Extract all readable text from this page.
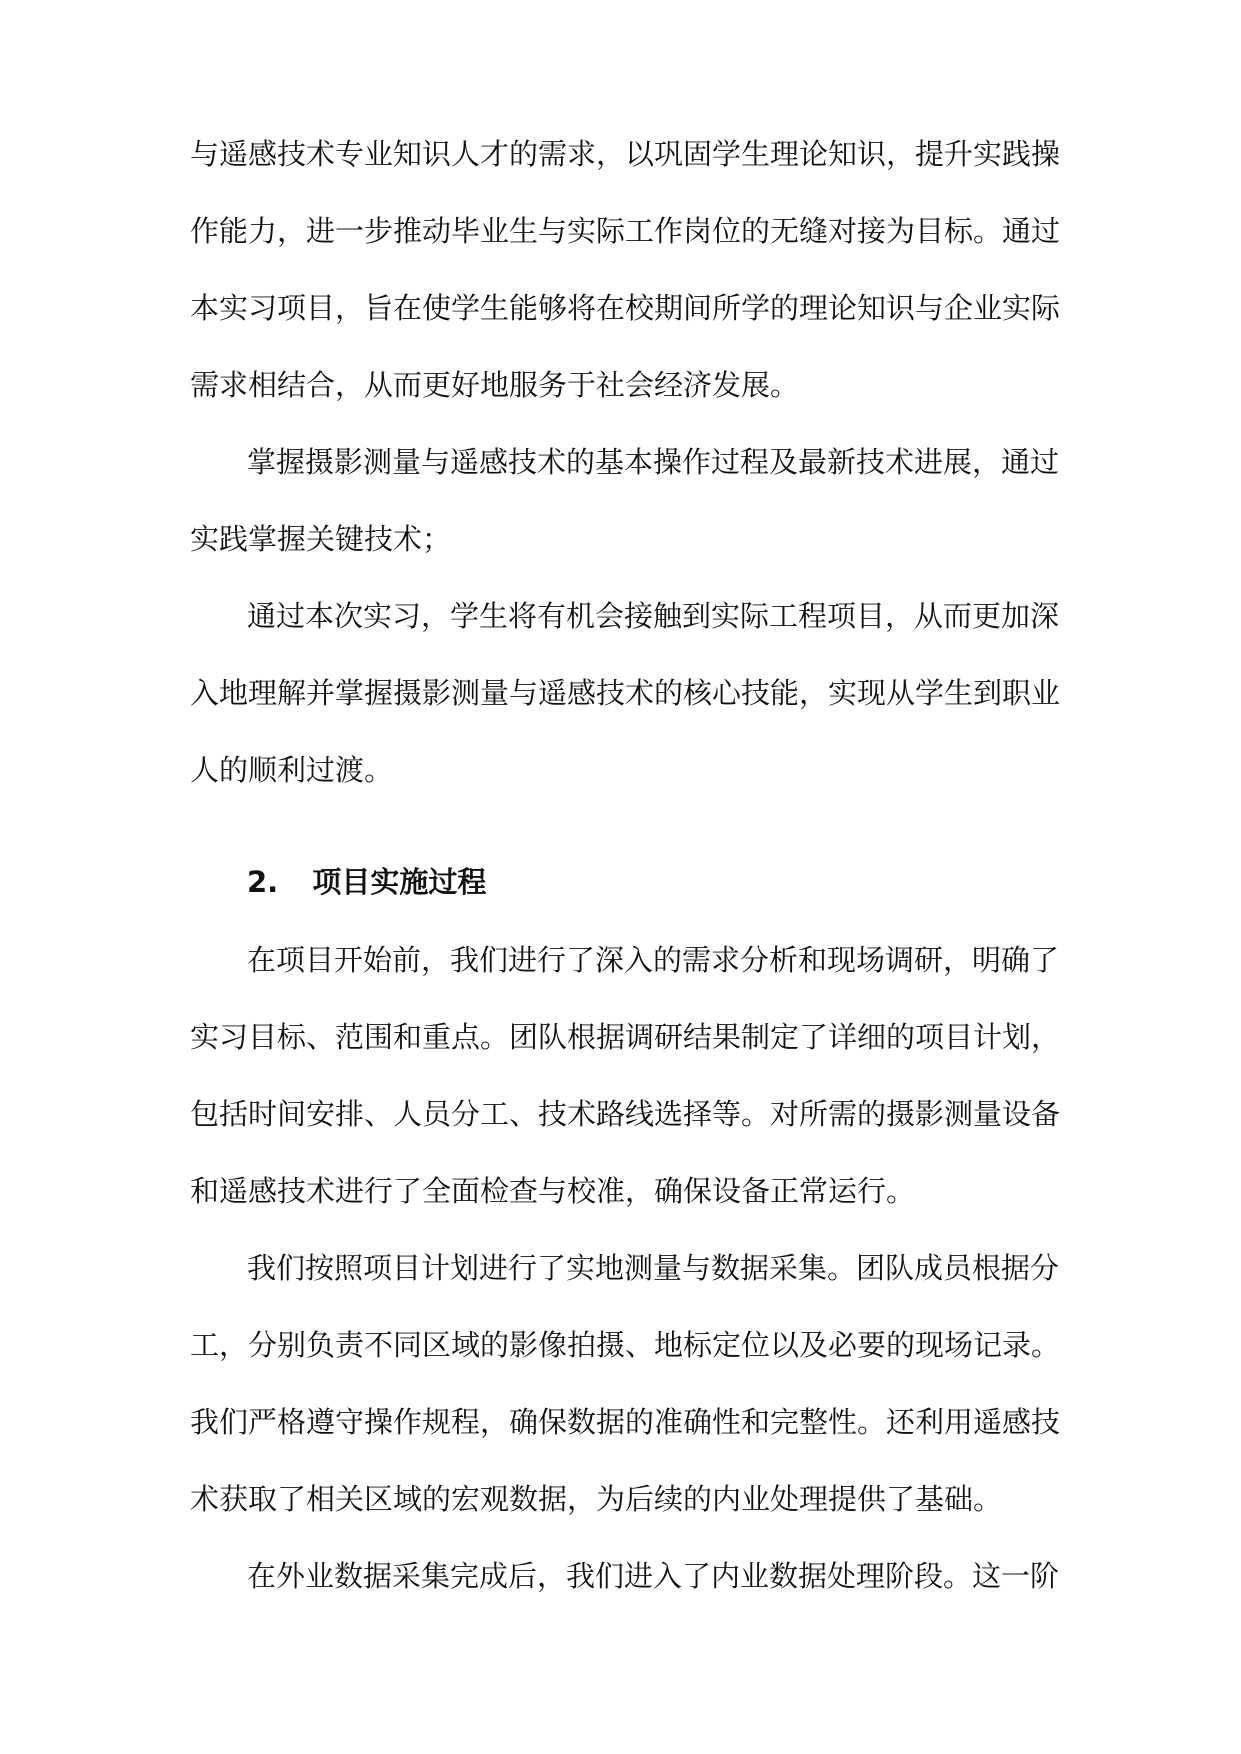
与遥感技术专业知识人才的需求，以巩固学生理论知识，提升实践操
作能力，进一步推动毕业生与实际工作岗位的无缝对接为目标。通过
本实习项目，旨在使学生能够将在校期间所学的理论知识与企业实际
需求相结合，从而更好地服务于社会经济发展。
掌握摄影测量与遥感技术的基本操作过程及最新技术进展，通过
实践掌握关键技术；
通过本次实习，学生将有机会接触到实际工程项目，从而更加深
入地理解并掌握摄影测量与遥感技术的核心技能，实现从学生到职业
人的顺利过渡。
2. 项目实施过程
在项目开始前，我们进行了深入的需求分析和现场调研，明确了
实习目标、范围和重点。团队根据调研结果制定了详细的项目计划，
包括时间安排、人员分工、技术路线选择等。对所需的摄影测量设备
和遥感技术进行了全面检查与校准，确保设备正常运行。
我们按照项目计划进行了实地测量与数据采集。团队成员根据分
工，分别负责不同区域的影像拍摄、地标定位以及必要的现场记录。
我们严格遵守操作规程，确保数据的准确性和完整性。还利用遥感技
术获取了相关区域的宏观数据，为后续的内业处理提供了基础。
在外业数据采集完成后，我们进入了内业数据处理阶段。这一阶
